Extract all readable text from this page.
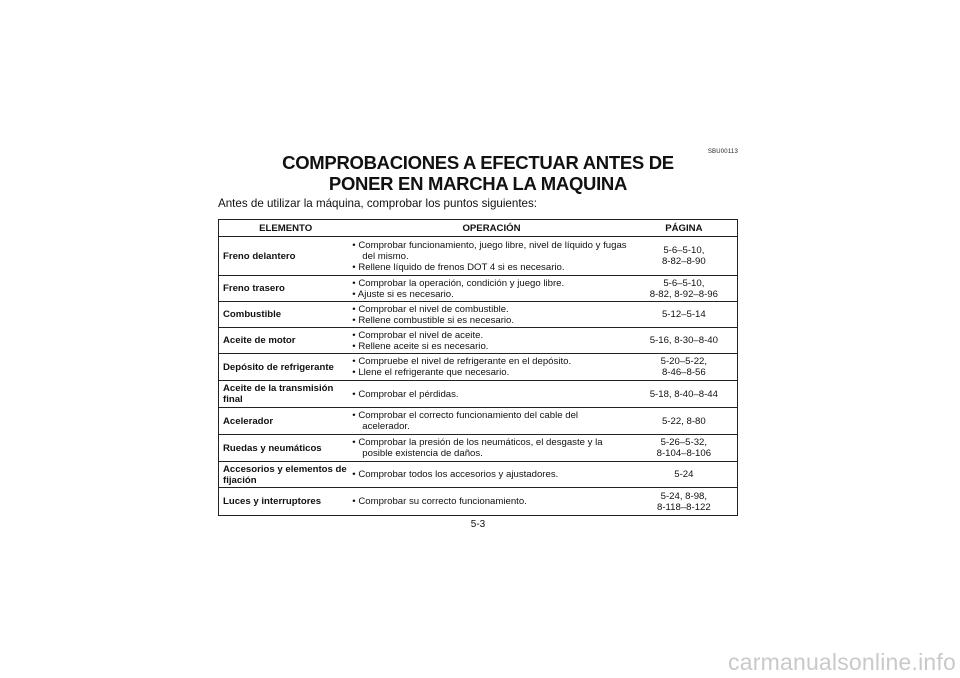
SBU00113
COMPROBACIONES A EFECTUAR ANTES DE
PONER EN MARCHA LA MAQUINA
Antes de utilizar la máquina, comprobar los puntos siguientes:
ELEMENTO	OPERACIÓN	PÁGINA
Freno delantero	• Comprobar funcionamiento, juego libre, nivel de líquido y fugas del mismo.
• Rellene líquido de frenos DOT 4 si es necesario.	5-6–5-10,
8-82–8-90

Freno trasero	• Comprobar la operación, condición y juego libre.
• Ajuste si es necesario.	5-6–5-10,
8-82, 8-92–8-96

Combustible	• Comprobar el nivel de combustible.
• Rellene combustible si es necesario.	5-12–5-14

Aceite de motor	• Comprobar el nivel de aceite.
• Rellene aceite si es necesario.	5-16, 8-30–8-40

Depósito de refrigerante	• Compruebe el nivel de refrigerante en el depósito.
• Llene el refrigerante que necesario.	5-20–5-22,
8-46–8-56

Aceite de la transmisión final	• Comprobar el pérdidas.	5-18, 8-40–8-44

Acelerador	• Comprobar el correcto funcionamiento del cable del acelerador.	5-22, 8-80

Ruedas y neumáticos	• Comprobar la presión de los neumáticos, el desgaste y la posible existencia de daños.	5-26–5-32,
8-104–8-106

Accesorios y elementos de fijación	• Comprobar todos los accesorios y ajustadores.	5-24

Luces y interruptores	• Comprobar su correcto funcionamiento.	5-24, 8-98,
8-118–8-122
5-3
carmanualsonline.info
